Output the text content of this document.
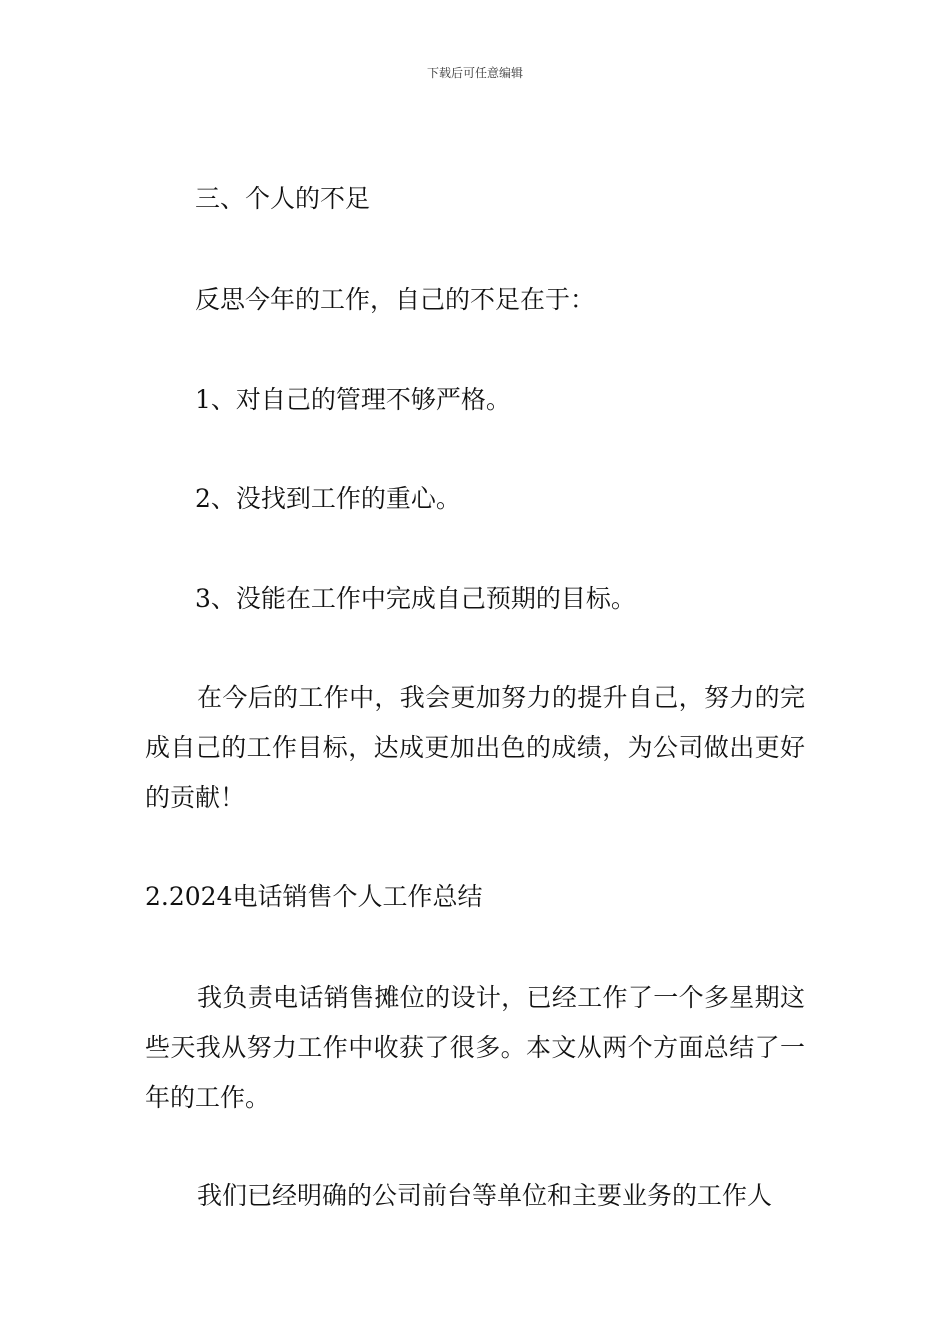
下载后可任意编辑
三、个人的不足
反思今年的工作，自己的不足在于：
1、对自己的管理不够严格。
2、没找到工作的重心。
3、没能在工作中完成自己预期的目标。
在今后的工作中，我会更加努力的提升自己，努力的完成自己的工作目标，达成更加出色的成绩，为公司做出更好的贡献！
2.2024电话销售个人工作总结
我负责电话销售摊位的设计，已经工作了一个多星期这些天我从努力工作中收获了很多。本文从两个方面总结了一年的工作。
我们已经明确的公司前台等单位和主要业务的工作人
